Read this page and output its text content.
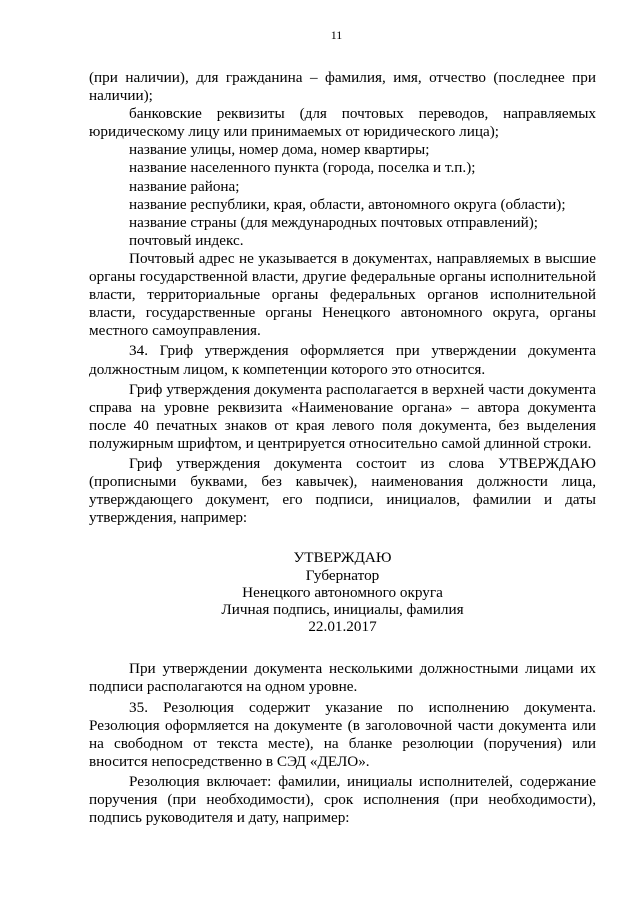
11

(при наличии), для гражданина – фамилия, имя, отчество (последнее при наличии);

банковские реквизиты (для почтовых переводов, направляемых юридическому лицу или принимаемых от юридического лица);

название улицы, номер дома, номер квартиры;

название населенного пункта (города, поселка и т.п.);

название района;

название республики, края, области, автономного округа (области);

название страны (для международных почтовых отправлений);

почтовый индекс.

Почтовый адрес не указывается в документах, направляемых в высшие органы государственной власти, другие федеральные органы исполнительной власти, территориальные органы федеральных органов исполнительной власти, государственные органы Ненецкого автономного округа, органы местного самоуправления.

34. Гриф утверждения оформляется при утверждении документа должностным лицом, к компетенции которого это относится.

Гриф утверждения документа располагается в верхней части документа справа на уровне реквизита «Наименование органа» – автора документа после 40 печатных знаков от края левого поля документа, без выделения полужирным шрифтом, и центрируется относительно самой длинной строки.

Гриф утверждения документа состоит из слова УТВЕРЖДАЮ (прописными буквами, без кавычек), наименования должности лица, утверждающего документ, его подписи, инициалов, фамилии и даты утверждения, например:

УТВЕРЖДАЮ
Губернатор
Ненецкого автономного округа
Личная подпись, инициалы, фамилия
22.01.2017

При утверждении документа несколькими должностными лицами их подписи располагаются на одном уровне.

35. Резолюция содержит указание по исполнению документа. Резолюция оформляется на документе (в заголовочной части документа или на свободном от текста месте), на бланке резолюции (поручения) или вносится непосредственно в СЭД «ДЕЛО».

Резолюция включает: фамилии, инициалы исполнителей, содержание поручения (при необходимости), срок исполнения (при необходимости), подпись руководителя и дату, например:
